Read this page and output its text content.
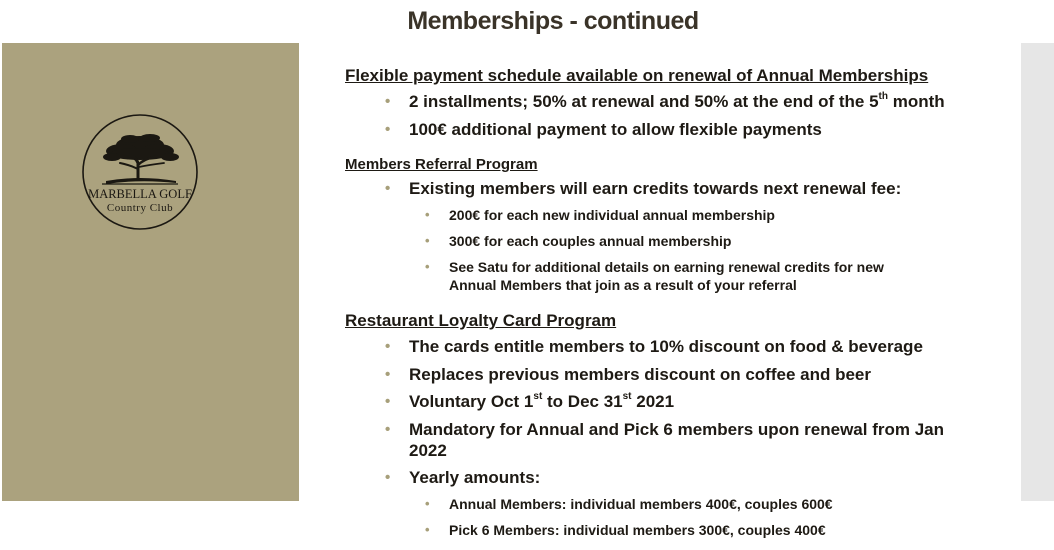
Memberships - continued
MARBELLA GOLF
Country Club
Flexible payment schedule available on renewal of Annual Memberships
• 2 installments; 50% at renewal and 50% at the end of the 5th month
• 100€ additional payment to allow flexible payments
Members Referral Program
• Existing members will earn credits towards next renewal fee:
• 200€ for each new individual annual membership
• 300€ for each couples annual membership
• See Satu for additional details on earning renewal credits for new
Annual Members that join as a result of your referral
Restaurant Loyalty Card Program
• The cards entitle members to 10% discount on food & beverage
• Replaces previous members discount on coffee and beer
• Voluntary Oct 1st to Dec 31st 2021
• Mandatory for Annual and Pick 6 members upon renewal from Jan
2022
• Yearly amounts:
• Annual Members: individual members 400€, couples 600€
• Pick 6 Members: individual members 300€, couples 400€
